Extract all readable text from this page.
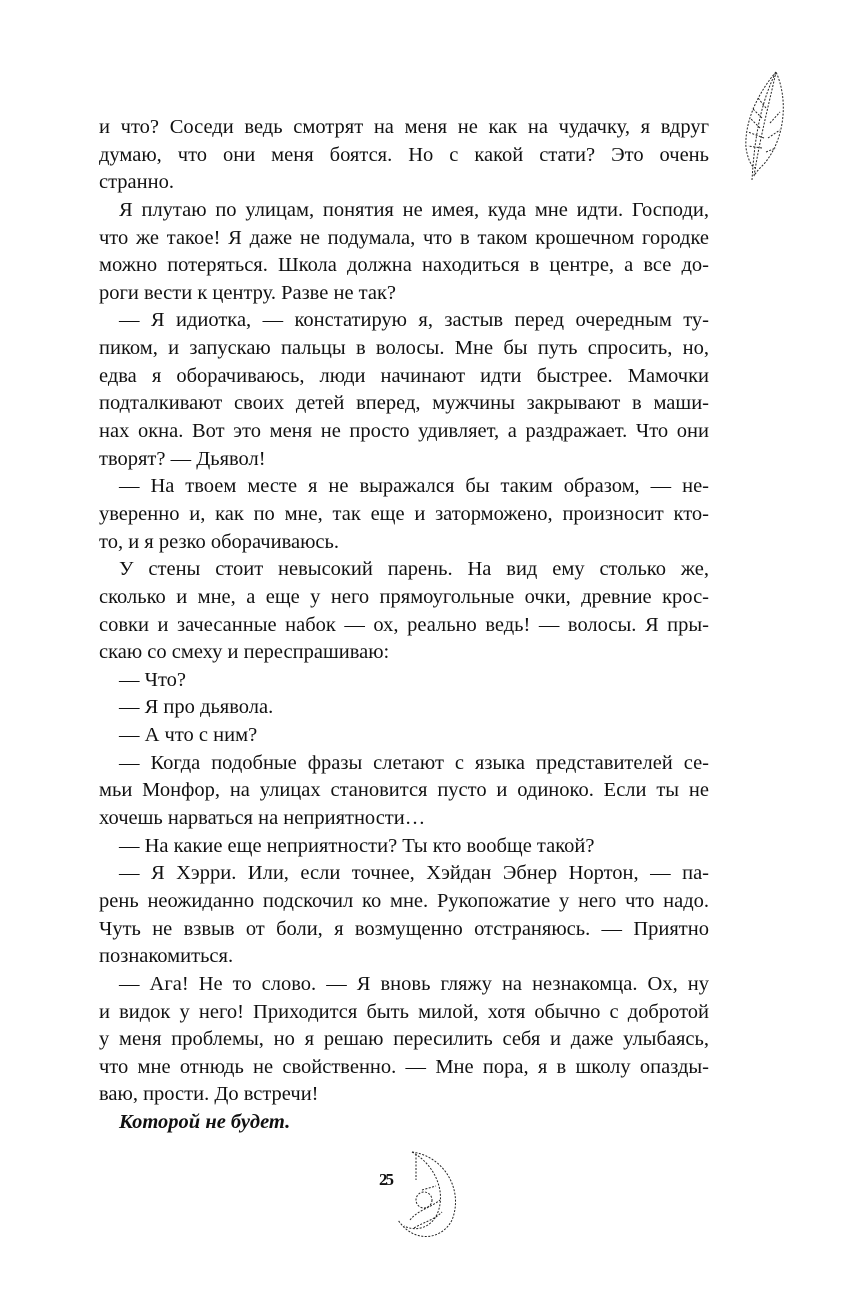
и что? Соседи ведь смотрят на меня не как на чудачку, я вдруг
думаю, что они меня боятся. Но с какой стати? Это очень
странно.
Я плутаю по улицам, понятия не имея, куда мне идти. Господи,
что же такое! Я даже не подумала, что в таком крошечном городке
можно потеряться. Школа должна находиться в центре, а все до-
роги вести к центру. Разве не так?
— Я идиотка, — констатирую я, застыв перед очередным ту-
пиком, и запускаю пальцы в волосы. Мне бы путь спросить, но,
едва я оборачиваюсь, люди начинают идти быстрее. Мамочки
подталкивают своих детей вперед, мужчины закрывают в маши-
нах окна. Вот это меня не просто удивляет, а раздражает. Что они
творят? — Дьявол!
— На твоем месте я не выражался бы таким образом, — не-
уверенно и, как по мне, так еще и заторможено, произносит кто-
то, и я резко оборачиваюсь.
У стены стоит невысокий парень. На вид ему столько же,
сколько и мне, а еще у него прямоугольные очки, древние крос-
совки и зачесанные набок — ох, реально ведь! — волосы. Я пры-
скаю со смеху и переспрашиваю:
— Что?
— Я про дьявола.
— А что с ним?
— Когда подобные фразы слетают с языка представителей се-
мьи Монфор, на улицах становится пусто и одиноко. Если ты не
хочешь нарваться на неприятности…
— На какие еще неприятности? Ты кто вообще такой?
— Я Хэрри. Или, если точнее, Хэйдан Эбнер Нортон, — па-
рень неожиданно подскочил ко мне. Рукопожатие у него что надо.
Чуть не взвыв от боли, я возмущенно отстраняюсь. — Приятно
познакомиться.
— Ага! Не то слово. — Я вновь гляжу на незнакомца. Ох, ну
и видок у него! Приходится быть милой, хотя обычно с добротой
у меня проблемы, но я решаю пересилить себя и даже улыбаясь,
что мне отнюдь не свойственно. — Мне пора, я в школу опазды-
ваю, прости. До встречи!
Которой не будет.
25
